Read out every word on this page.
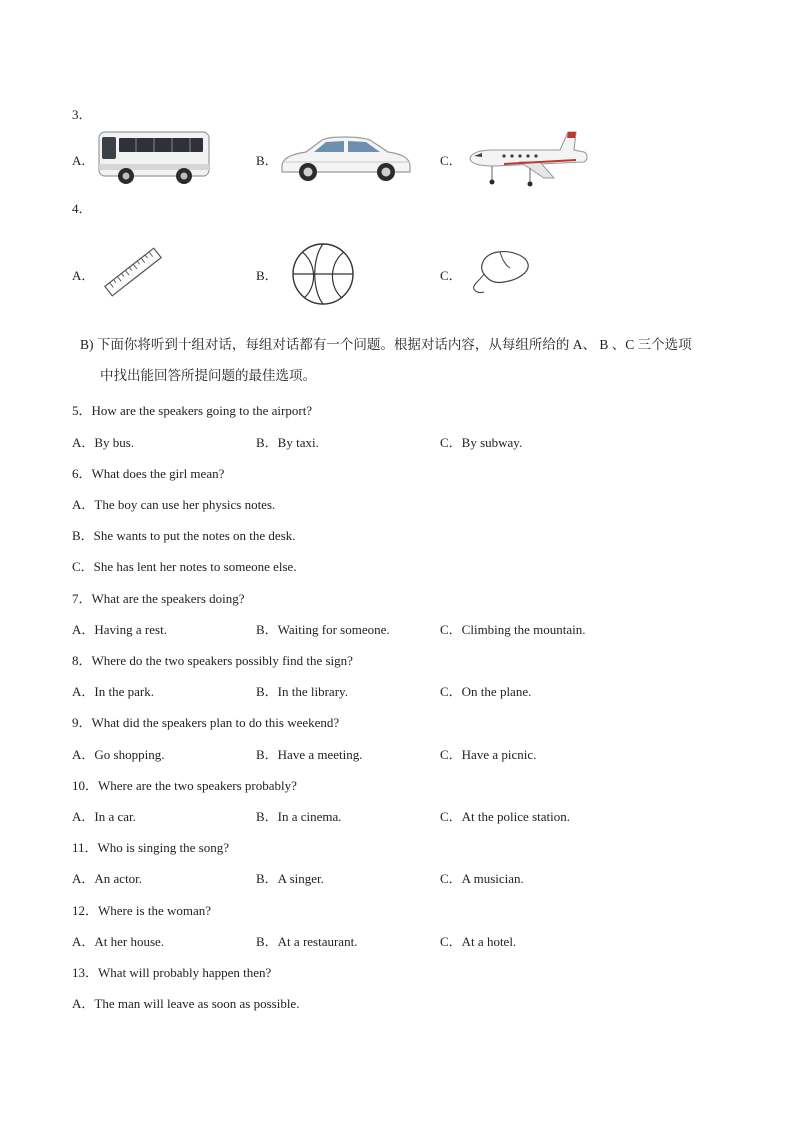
3．
A．	B．	C．
4．
A．	B．	C．
B) 下面你将听到十组对话，每组对话都有一个问题。根据对话内容，从每组所给的 A、 B 、C 三个选项
中找出能回答所提问题的最佳选项。
5．How are the speakers going to the airport?
A．By bus.	B．By taxi.	C．By subway.
6．What does the girl mean?
A．The boy can use her physics notes.
B．She wants to put the notes on the desk.
C．She has lent her notes to someone else.
7．What are the speakers doing?
A．Having a rest.	B．Waiting for someone.	C．Climbing the mountain.
8．Where do the two speakers possibly find the sign?
A．In the park.	B．In the library.	C．On the plane.
9．What did the speakers plan to do this weekend?
A．Go shopping.	B．Have a meeting.	C．Have a picnic.
10．Where are the two speakers probably?
A．In a car.	B．In a cinema.	C．At the police station.
11．Who is singing the song?
A．An actor.	B．A singer.	C．A musician.
12．Where is the woman?
A．At her house.	B．At a restaurant.	C．At a hotel.
13．What will probably happen then?
A．The man will leave as soon as possible.
